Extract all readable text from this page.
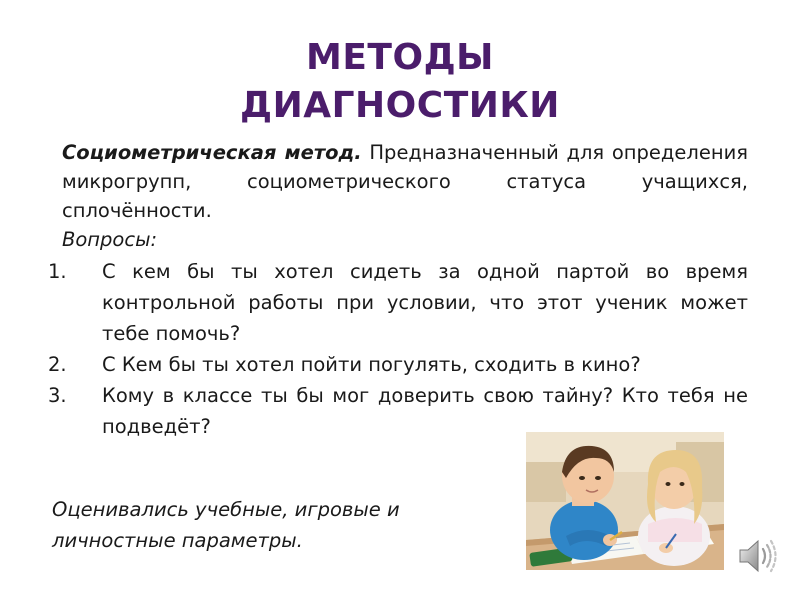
МЕТОДЫ
ДИАГНОСТИКИ
Социометрическая метод. Предназначенный для определения микрогрупп, социометрического статуса учащихся, сплочённости.
Вопросы:
1. С кем бы ты хотел сидеть за одной партой во время контрольной работы при условии, что этот ученик может тебе помочь?
2. С Кем бы ты хотел пойти погулять, сходить в кино?
3. Кому в классе ты бы мог доверить свою тайну? Кто тебя не подведёт?
Оценивались учебные, игровые и личностные параметры.
